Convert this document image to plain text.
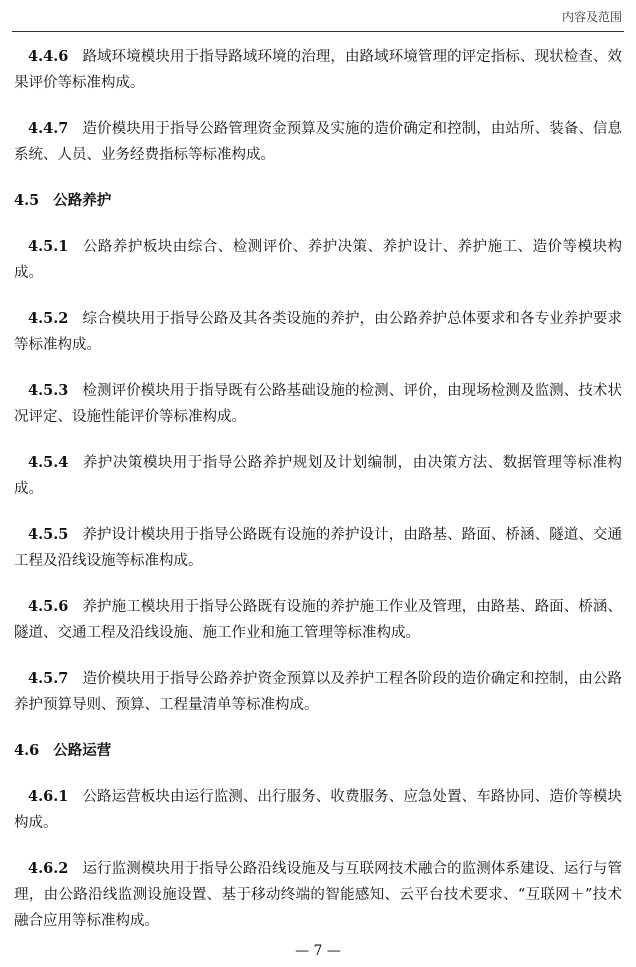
内容及范围

4.4.6 路域环境模块用于指导路域环境的治理，由路域环境管理的评定指标、现状检查、效果评价等标准构成。

4.4.7 造价模块用于指导公路管理资金预算及实施的造价确定和控制，由站所、装备、信息系统、人员、业务经费指标等标准构成。

4.5 公路养护

4.5.1 公路养护板块由综合、检测评价、养护决策、养护设计、养护施工、造价等模块构成。

4.5.2 综合模块用于指导公路及其各类设施的养护，由公路养护总体要求和各专业养护要求等标准构成。

4.5.3 检测评价模块用于指导既有公路基础设施的检测、评价，由现场检测及监测、技术状况评定、设施性能评价等标准构成。

4.5.4 养护决策模块用于指导公路养护规划及计划编制，由决策方法、数据管理等标准构成。

4.5.5 养护设计模块用于指导公路既有设施的养护设计，由路基、路面、桥涵、隧道、交通工程及沿线设施等标准构成。

4.5.6 养护施工模块用于指导公路既有设施的养护施工作业及管理，由路基、路面、桥涵、隧道、交通工程及沿线设施、施工作业和施工管理等标准构成。

4.5.7 造价模块用于指导公路养护资金预算以及养护工程各阶段的造价确定和控制，由公路养护预算导则、预算、工程量清单等标准构成。

4.6 公路运营

4.6.1 公路运营板块由运行监测、出行服务、收费服务、应急处置、车路协同、造价等模块构成。

4.6.2 运行监测模块用于指导公路沿线设施及与互联网技术融合的监测体系建设、运行与管理，由公路沿线监测设施设置、基于移动终端的智能感知、云平台技术要求、“互联网＋”技术融合应用等标准构成。

— 7 —
